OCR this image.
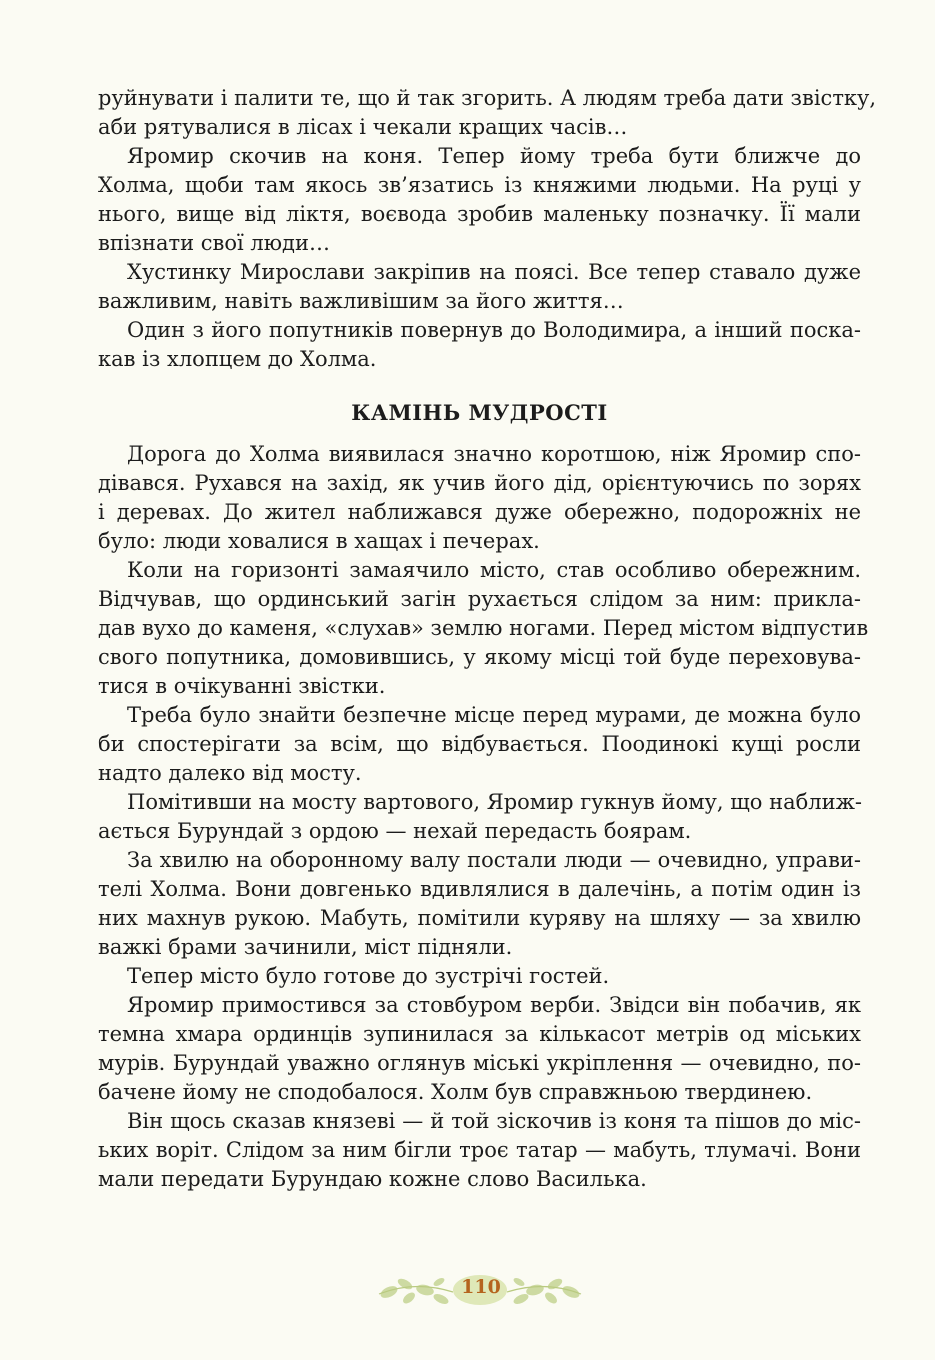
руйнувати і палити те, що й так згорить. А людям треба дати звістку,
аби рятувалися в лісах і чекали кращих часів…
Яромир скочив на коня. Тепер йому треба бути ближче до
Холма, щоби там якось зв’язатись із княжими людьми. На руці у
нього, вище від ліктя, воєвода зробив маленьку позначку. Її мали
впізнати свої люди…
Хустинку Мирослави закріпив на поясі. Все тепер ставало дуже
важливим, навіть важливішим за його життя…
Один з його попутників повернув до Володимира, а інший поска-
кав із хлопцем до Холма.
КАМІНЬ МУДРОСТІ
Дорога до Холма виявилася значно коротшою, ніж Яромир спо-
дівався. Рухався на захід, як учив його дід, орієнтуючись по зорях
і деревах. До жител наближався дуже обережно, подорожніх не
було: люди ховалися в хащах і печерах.
Коли на горизонті замаячило місто, став особливо обережним.
Відчував, що ординський загін рухається слідом за ним: прикла-
дав вухо до каменя, «слухав» землю ногами. Перед містом відпустив
свого попутника, домовившись, у якому місці той буде переховува-
тися в очікуванні звістки.
Треба було знайти безпечне місце перед мурами, де можна було
би спостерігати за всім, що відбувається. Поодинокі кущі росли
надто далеко від мосту.
Помітивши на мосту вартового, Яромир гукнув йому, що наближ-
ається Бурундай з ордою — нехай передасть боярам.
За хвилю на оборонному валу постали люди — очевидно, управи-
телі Холма. Вони довгенько вдивлялися в далечінь, а потім один із
них махнув рукою. Мабуть, помітили куряву на шляху — за хвилю
важкі брами зачинили, міст підняли.
Тепер місто було готове до зустрічі гостей.
Яромир примостився за стовбуром верби. Звідси він побачив, як
темна хмара ординців зупинилася за кількасот метрів од міських
мурів. Бурундай уважно оглянув міські укріплення — очевидно, по-
бачене йому не сподобалося. Холм був справжньою твердинею.
Він щось сказав князеві — й той зіскочив із коня та пішов до міс-
ьких воріт. Слідом за ним бігли троє татар — мабуть, тлумачі. Вони
мали передати Бурундаю кожне слово Василька.
110
